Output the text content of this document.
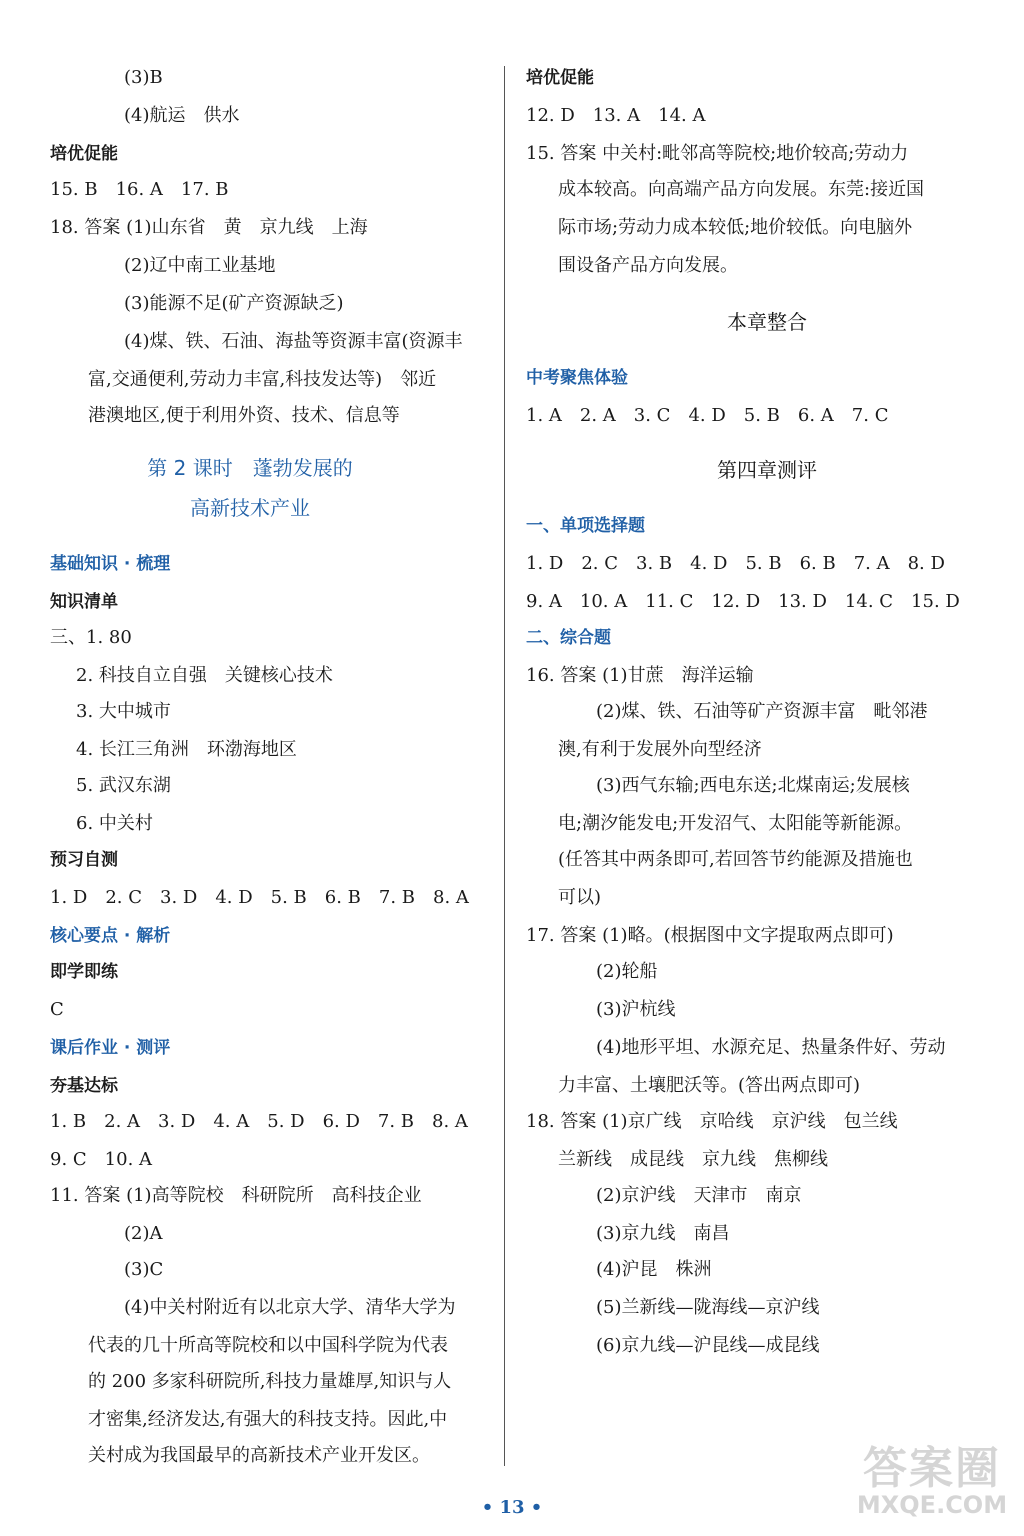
(3)B
(4)航运　供水
培优促能
15. B　16. A　17. B
18. 答案 (1)山东省　黄　京九线　上海
(2)辽中南工业基地
(3)能源不足(矿产资源缺乏)
(4)煤、铁、石油、海盐等资源丰富(资源丰
富,交通便利,劳动力丰富,科技发达等)　邻近
港澳地区,便于利用外资、技术、信息等
第 2 课时　蓬勃发展的
高新技术产业
基础知识 · 梳理
知识清单
三、1. 80
2. 科技自立自强　关键核心技术
3. 大中城市
4. 长江三角洲　环渤海地区
5. 武汉东湖
6. 中关村
预习自测
1. D　2. C　3. D　4. D　5. B　6. B　7. B　8. A
核心要点 · 解析
即学即练
C
课后作业 · 测评
夯基达标
1. B　2. A　3. D　4. A　5. D　6. D　7. B　8. A
9. C　10. A
11. 答案 (1)高等院校　科研院所　高科技企业
(2)A
(3)C
(4)中关村附近有以北京大学、清华大学为
代表的几十所高等院校和以中国科学院为代表
的 200 多家科研院所,科技力量雄厚,知识与人
才密集,经济发达,有强大的科技支持。因此,中
关村成为我国最早的高新技术产业开发区。
培优促能
12. D　13. A　14. A
15. 答案 中关村:毗邻高等院校;地价较高;劳动力
成本较高。向高端产品方向发展。东莞:接近国
际市场;劳动力成本较低;地价较低。向电脑外
围设备产品方向发展。
本章整合
中考聚焦体验
1. A　2. A　3. C　4. D　5. B　6. A　7. C
第四章测评
一、单项选择题
1. D　2. C　3. B　4. D　5. B　6. B　7. A　8. D
9. A　10. A　11. C　12. D　13. D　14. C　15. D
二、综合题
16. 答案 (1)甘蔗　海洋运输
(2)煤、铁、石油等矿产资源丰富　毗邻港
澳,有利于发展外向型经济
(3)西气东输;西电东送;北煤南运;发展核
电;潮汐能发电;开发沼气、太阳能等新能源。
(任答其中两条即可,若回答节约能源及措施也
可以)
17. 答案 (1)略。(根据图中文字提取两点即可)
(2)轮船
(3)沪杭线
(4)地形平坦、水源充足、热量条件好、劳动
力丰富、土壤肥沃等。(答出两点即可)
18. 答案 (1)京广线　京哈线　京沪线　包兰线
兰新线　成昆线　京九线　焦柳线
(2)京沪线　天津市　南京
(3)京九线　南昌
(4)沪昆　株洲
(5)兰新线—陇海线—京沪线
(6)京九线—沪昆线—成昆线
• 13 •
答案圈
MXQE.COM
